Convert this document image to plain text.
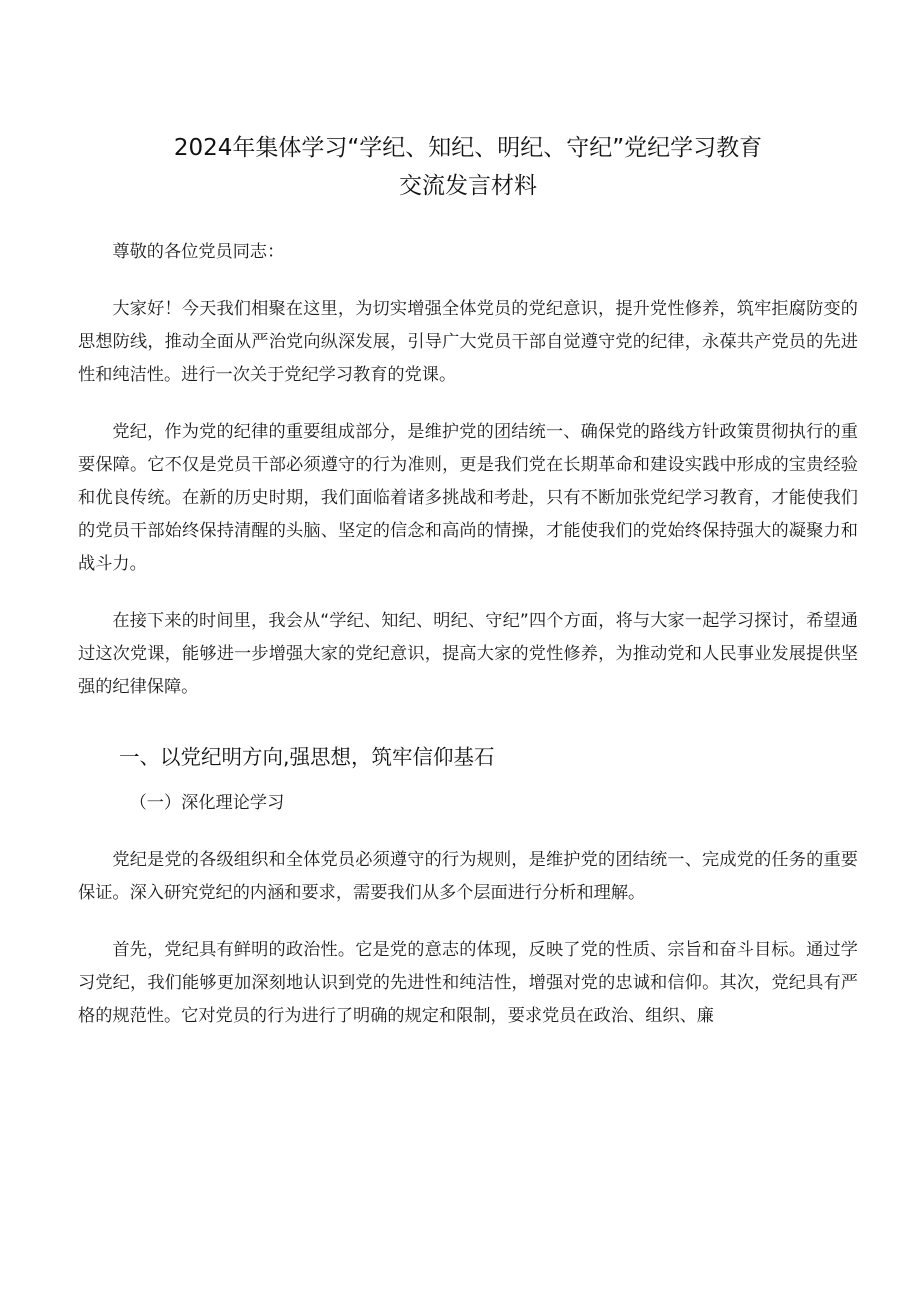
2024年集体学习“学纪、知纪、明纪、守纪”党纪学习教育
交流发言材料

尊敬的各位党员同志：

大家好！今天我们相聚在这里，为切实增强全体党员的党纪意识，提升党性修养，筑牢拒腐防变的思想防线，推动全面从严治党向纵深发展，引导广大党员干部自觉遵守党的纪律，永葆共产党员的先进性和纯洁性。进行一次关于党纪学习教育的党课。

党纪，作为党的纪律的重要组成部分，是维护党的团结统一、确保党的路线方针政策贯彻执行的重要保障。它不仅是党员干部必须遵守的行为准则，更是我们党在长期革命和建设实践中形成的宝贵经验和优良传统。在新的历史时期，我们面临着诸多挑战和考赴，只有不断加张党纪学习教育，才能使我们的党员干部始终保持清醒的头脑、坚定的信念和高尚的情操，才能使我们的党始终保持强大的凝聚力和战斗力。

在接下来的时间里，我会从“学纪、知纪、明纪、守纪”四个方面，将与大家一起学习探讨，希望通过这次党课，能够进一步增强大家的党纪意识，提高大家的党性修养，为推动党和人民事业发展提供坚强的纪律保障。

一、以党纪明方向,强思想，筑牢信仰基石
（一）深化理论学习

党纪是党的各级组织和全体党员必须遵守的行为规则，是维护党的团结统一、完成党的任务的重要保证。深入研究党纪的内涵和要求，需要我们从多个层面进行分析和理解。

首先，党纪具有鲜明的政治性。它是党的意志的体现，反映了党的性质、宗旨和奋斗目标。通过学习党纪，我们能够更加深刻地认识到党的先进性和纯洁性，增强对党的忠诚和信仰。其次，党纪具有严格的规范性。它对党员的行为进行了明确的规定和限制，要求党员在政治、组织、廉
